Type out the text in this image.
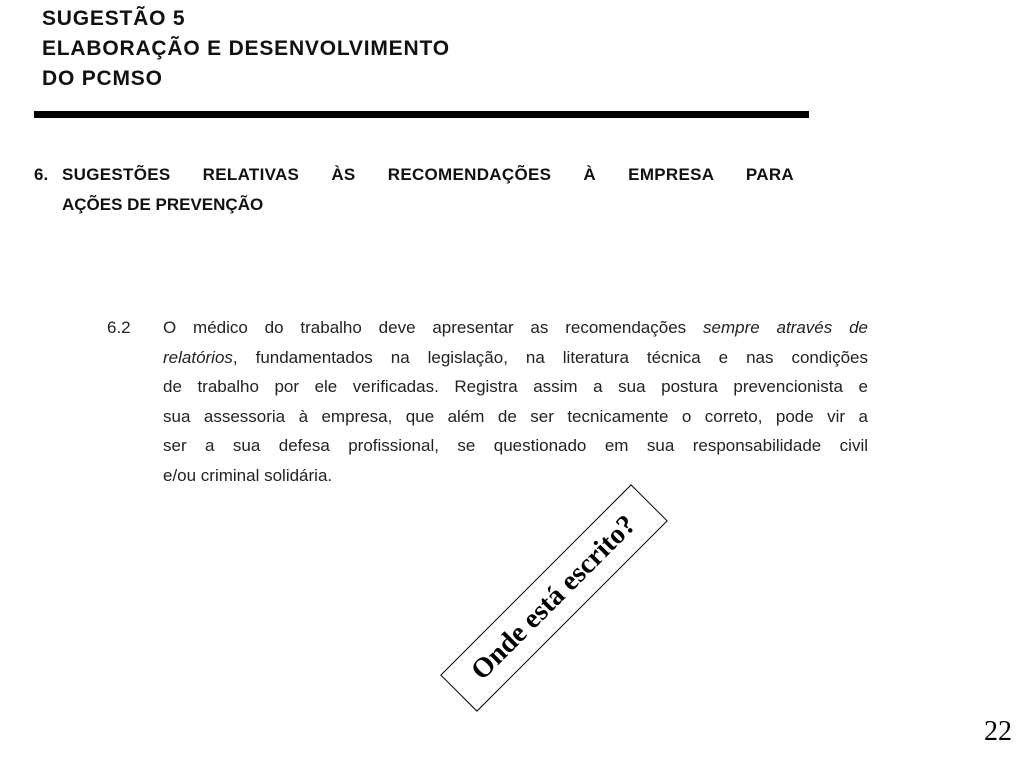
SUGESTÃO 5
ELABORAÇÃO E DESENVOLVIMENTO
DO PCMSO
6. SUGESTÕES RELATIVAS ÀS RECOMENDAÇÕES À EMPRESA PARA
AÇÕES DE PREVENÇÃO
6.2 O médico do trabalho deve apresentar as recomendações sempre através de
relatórios, fundamentados na legislação, na literatura técnica e nas condições
de trabalho por ele verificadas. Registra assim a sua postura prevencionista e
sua assessoria à empresa, que além de ser tecnicamente o correto, pode vir a
ser a sua defesa profissional, se questionado em sua responsabilidade civil
e/ou criminal solidária.
Onde está escrito?
22
